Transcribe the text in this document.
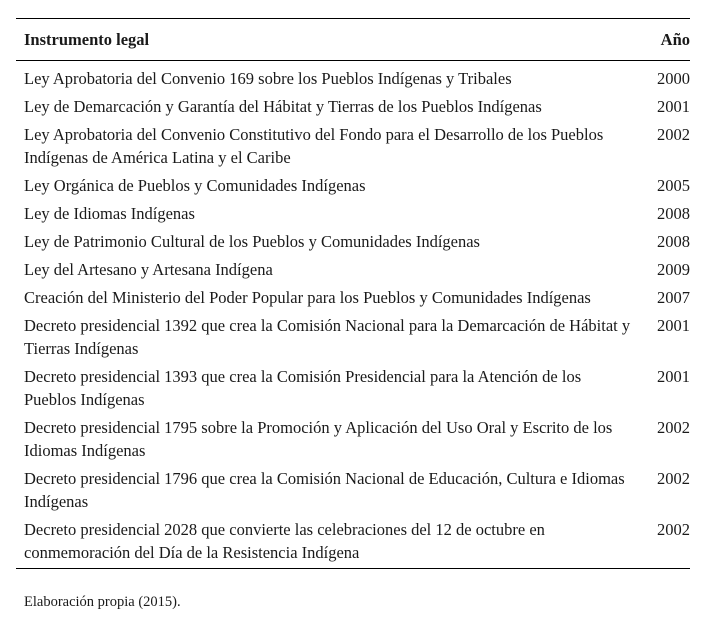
Instrumento legal	Año
Ley Aprobatoria del Convenio 169 sobre los Pueblos Indígenas y Tribales	2000
Ley de Demarcación y Garantía del Hábitat y Tierras de los Pueblos Indígenas	2001
Ley Aprobatoria del Convenio Constitutivo del Fondo para el Desarrollo de los Pueblos Indígenas de América Latina y el Caribe	2002
Ley Orgánica de Pueblos y Comunidades Indígenas	2005
Ley de Idiomas Indígenas	2008
Ley de Patrimonio Cultural de los Pueblos y Comunidades Indígenas	2008
Ley del Artesano y Artesana Indígena	2009
Creación del Ministerio del Poder Popular para los Pueblos y Comunidades Indígenas	2007
Decreto presidencial 1392 que crea la Comisión Nacional para la Demarcación de Hábitat y Tierras Indígenas	2001
Decreto presidencial 1393 que crea la Comisión Presidencial para la Atención de los Pueblos Indígenas	2001
Decreto presidencial 1795 sobre la Promoción y Aplicación del Uso Oral y Escrito de los Idiomas Indígenas	2002
Decreto presidencial 1796 que crea la Comisión Nacional de Educación, Cultura e Idiomas Indígenas	2002
Decreto presidencial 2028 que convierte las celebraciones del 12 de octubre en conmemoración del Día de la Resistencia Indígena	2002
Elaboración propia (2015).
